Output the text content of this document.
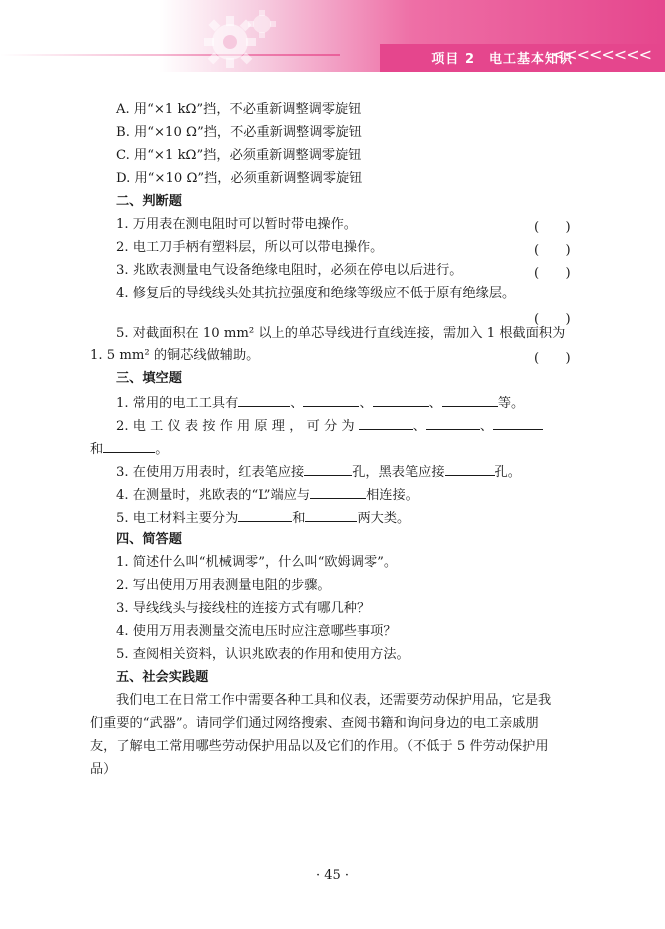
项目 2　电工基本知识
<<<<<<<<
A. 用“×1 kΩ”挡，不必重新调整调零旋钮
B. 用“×10 Ω”挡，不必重新调整调零旋钮
C. 用“×1 kΩ”挡，必须重新调整调零旋钮
D. 用“×10 Ω”挡，必须重新调整调零旋钮
二、判断题
1. 万用表在测电阻时可以暂时带电操作。	(　　)
2. 电工刀手柄有塑料层，所以可以带电操作。	(　　)
3. 兆欧表测量电气设备绝缘电阻时，必须在停电以后进行。	(　　)
4. 修复后的导线线头处其抗拉强度和绝缘等级应不低于原有绝缘层。
(　　)
5. 对截面积在 10 mm² 以上的单芯导线进行直线连接，需加入 1 根截面积为
1. 5 mm² 的铜芯线做辅助。	(　　)
三、填空题
1. 常用的电工工具有	、	、	、	等。
2. 电 工 仪 表 按 作 用 原 理 ， 可 分 为	、	、
和	。
3. 在使用万用表时，红表笔应接	孔，黑表笔应接	孔。
4. 在测量时，兆欧表的“L”端应与	相连接。
5. 电工材料主要分为	和	两大类。
四、简答题
1. 简述什么叫“机械调零”，什么叫“欧姆调零”。
2. 写出使用万用表测量电阻的步骤。
3. 导线线头与接线柱的连接方式有哪几种？
4. 使用万用表测量交流电压时应注意哪些事项？
5. 查阅相关资料，认识兆欧表的作用和使用方法。
五、社会实践题
我们电工在日常工作中需要各种工具和仪表，还需要劳动保护用品，它是我
们重要的“武器”。请同学们通过网络搜索、查阅书籍和询问身边的电工亲戚朋
友，了解电工常用哪些劳动保护用品以及它们的作用。（不低于 5 件劳动保护用
品）
· 45 ·
